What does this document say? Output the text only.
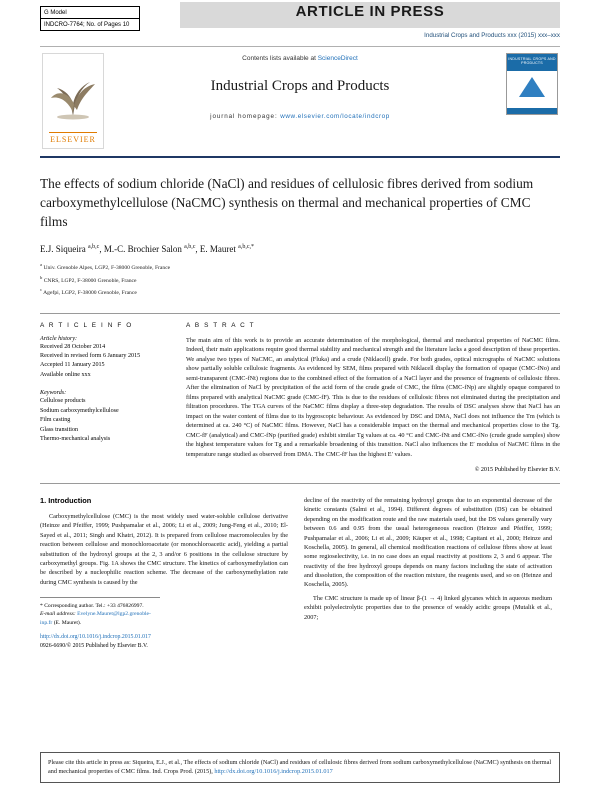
G Model
INDCRO-7764; No. of Pages 10
ARTICLE IN PRESS
Industrial Crops and Products xxx (2015) xxx–xxx
ELSEVIER
Contents lists available at ScienceDirect
Industrial Crops and Products
journal homepage: www.elsevier.com/locate/indcrop
INDUSTRIAL CROPS AND PRODUCTS
The effects of sodium chloride (NaCl) and residues of cellulosic fibres derived from sodium carboxymethylcellulose (NaCMC) synthesis on thermal and mechanical properties of CMC films
E.J. Siqueira $^{a,b,c}$, M.-C. Brochier Salon $^{a,b,c}$, E. Mauret $^{a,b,c,*}$
$^a$ Univ. Grenoble Alpes, LGP2, F-38000 Grenoble, France
$^b$ CNRS, LGP2, F-38000 Grenoble, France
$^c$ Agefpi, LGP2, F-38000 Grenoble, France
A R T I C L E I N F O
Article history:
Received 28 October 2014
Received in revised form 6 January 2015
Accepted 11 January 2015
Available online xxx
Keywords:
Cellulose products
Sodium carboxymethylcellulose
Film casting
Glass transition
Thermo-mechanical analysis
A B S T R A C T
The main aim of this work is to provide an accurate determination of the morphological, thermal and mechanical properties of NaCMC films. Indeed, their main applications require good thermal stability and mechanical strength and the literature lacks a good description of these properties. We analyse two types of NaCMC, an analytical (Fluka) and a crude (Niklacell) grade. For both grades, optical micrographs of NaCMC solutions show partially soluble cellulosic fragments. As evidenced by SEM, films prepared with Niklacell display the formation of opaque (CMC-fNo) and semi-transparent (CMC-fNt) regions due to the combined effect of the formation of a NaCl layer and the presence of fragments of cellulosic fibres. After the elimination of NaCl by precipitation of the acid form of the crude grade of CMC, the films (CMC-fNp) are slightly opaque compared to films prepared with analytical NaCMC grade (CMC-fF). This is due to the residues of cellulosic fibres not eliminated during the precipitation and filtration procedures. The TGA curves of the NaCMC films display a three-step degradation. The results of DSC analyses show that NaCl has an impact on the water content of films due to its hygroscopic behaviour. As evidenced by DSC and DMA, NaCl does not influence the Tm (which is determined at ca. 240 °C) of NaCMC films. However, NaCl has a considerable impact on the thermal and mechanical properties close to the Tg. CMC-fF (analytical) and CMC-fNp (purified grade) exhibit similar Tg values at ca. 40 °C and CMC-fNt and CMC-fNo (crude grade samples) show the highest temperature values for Tg and a remarkable broadening of this transition. NaCl also influences the E′ modulus of NaCMC films in the temperature range studied as observed from DMA. The CMC-fF has the highest E′ values.
© 2015 Published by Elsevier B.V.
1. Introduction

Carboxymethylcellulose (CMC) is the most widely used water-soluble cellulose derivative (Heinze and Pfeiffer, 1999; Pushpamalar et al., 2006; Li et al., 2009; Jung-Feng et al., 2010; El-Sayed et al., 2011; Singh and Khatri, 2012). It is prepared from cellulose macromolecules by the reaction between cellulose and monochloroacetate (or monochloroacetic acid), yielding a partial substitution of the hydroxyl groups at the 2, 3 and/or 6 positions in the cellulose structure by carboxymethyl groups. Fig. 1A shows the CMC structure. The kinetics of carboxymethylation can be described by a nucleophilic reaction scheme. The decrease of the carboxymethylation rate during CMC synthesis is caused by the

* Corresponding author. Tel.: +33 476826997.
E-mail address: Evelyne.Mauret@lgp2.grenoble-inp.fr (E. Mauret).

decline of the reactivity of the remaining hydroxyl groups due to an exponential decrease of the kinetic constants (Salmi et al., 1994). Different degrees of substitution (DS) can be obtained depending on the modification route and the raw materials used, but the DS values generally vary between 0.6 and 0.95 from the usual heterogeneous reaction (Heinze and Pfeiffer, 1999; Pushpamalar et al., 2006; Li et al., 2009; Käuper et al., 1998; Capitani et al., 2000; Heinze and Koschella, 2005). In general, all chemical modification reactions of cellulose fibres show at least some regioselectivity, i.e. in no case does an equal reactivity at positions 2, 3 and 6 appear. The reactivity of the free hydroxyl groups depends on many factors including the state of activation and dissolution, the composition of the reaction mixture, the reagents used, and so on (Heinze and Koschella, 2005).

The CMC structure is made up of linear β-(1 → 4) linked glycanes which in aqueous medium exhibit polyelectrolytic properties due to the presence of weakly acidic groups (Mutalik et al., 2007;

http://dx.doi.org/10.1016/j.indcrop.2015.01.017
0926-6690/© 2015 Published by Elsevier B.V.
Please cite this article in press as: Siqueira, E.J., et al., The effects of sodium chloride (NaCl) and residues of cellulosic fibres derived from sodium carboxymethylcellulose (NaCMC) synthesis on thermal and mechanical properties of CMC films. Ind. Crops Prod. (2015), http://dx.doi.org/10.1016/j.indcrop.2015.01.017
